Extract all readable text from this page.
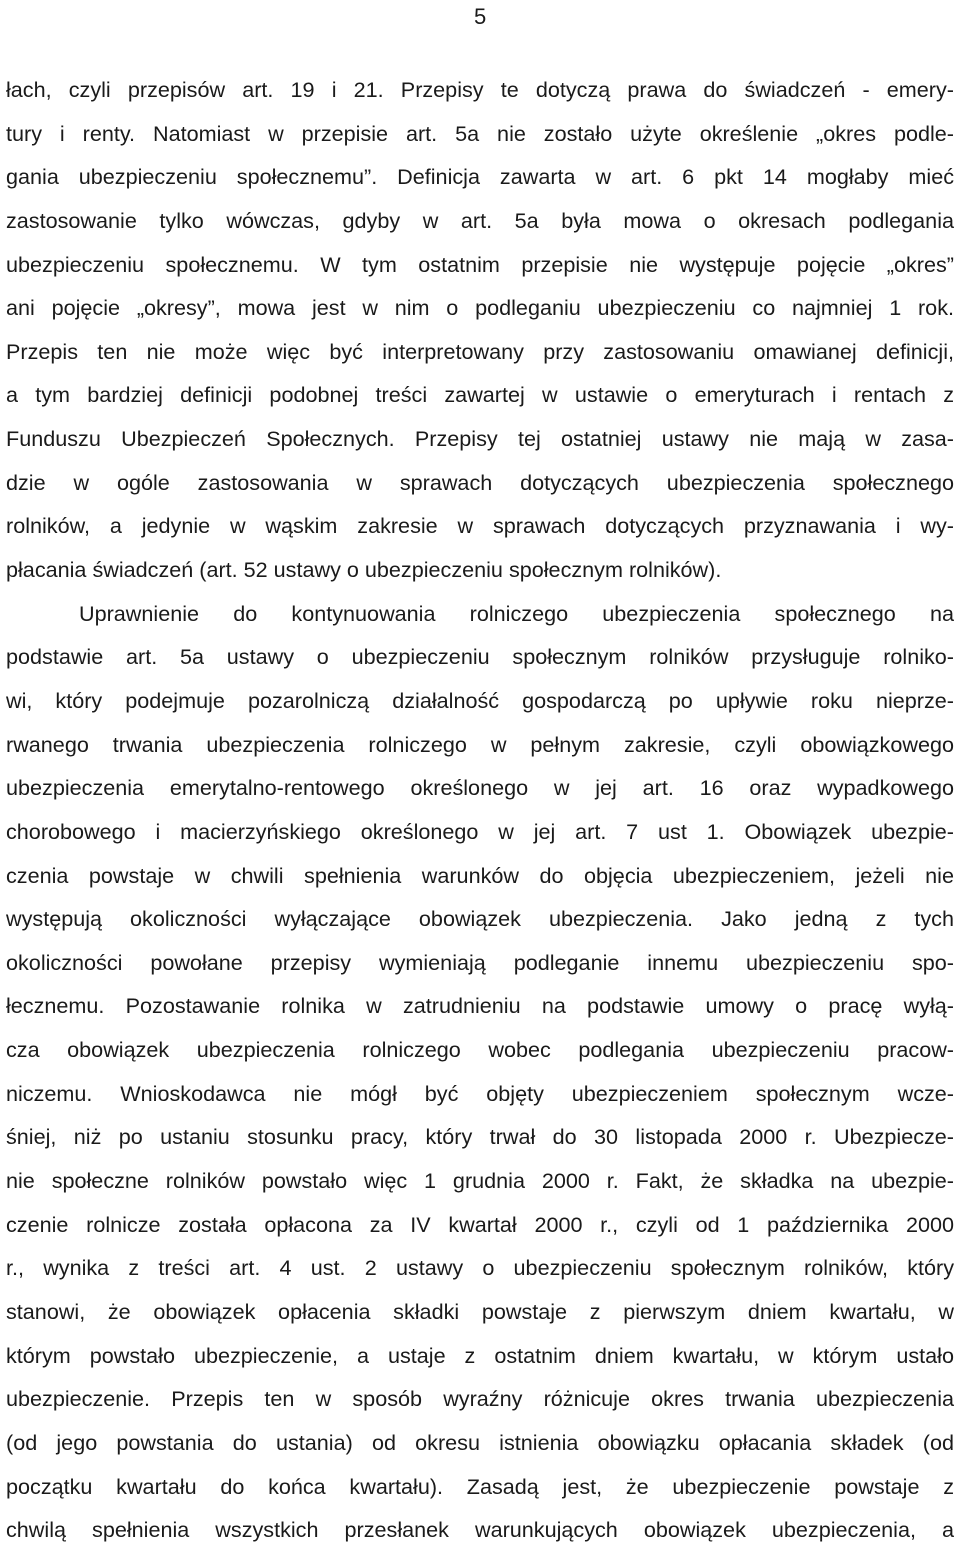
5
łach, czyli przepisów art. 19 i 21. Przepisy te dotyczą prawa do świadczeń - emery-
tury i renty. Natomiast w przepisie art. 5a nie zostało użyte określenie „okres podle-
gania ubezpieczeniu społecznemu”. Definicja zawarta w art. 6 pkt 14 mogłaby mieć
zastosowanie tylko wówczas, gdyby w art. 5a była mowa o okresach podlegania
ubezpieczeniu społecznemu. W tym ostatnim przepisie nie występuje pojęcie „okres”
ani pojęcie „okresy”, mowa jest w nim o podleganiu ubezpieczeniu co najmniej 1 rok.
Przepis ten nie może więc być interpretowany przy zastosowaniu omawianej definicji,
a tym bardziej definicji podobnej treści zawartej w ustawie o emeryturach i rentach z
Funduszu Ubezpieczeń Społecznych. Przepisy tej ostatniej ustawy nie mają w zasa-
dzie w ogóle zastosowania w sprawach dotyczących ubezpieczenia społecznego
rolników, a jedynie w wąskim zakresie w sprawach dotyczących przyznawania i wy-
płacania świadczeń (art. 52 ustawy o ubezpieczeniu społecznym rolników).
Uprawnienie do kontynuowania rolniczego ubezpieczenia społecznego na
podstawie art. 5a ustawy o ubezpieczeniu społecznym rolników przysługuje rolniko-
wi, który podejmuje pozarolniczą działalność gospodarczą po upływie roku nieprze-
rwanego trwania ubezpieczenia rolniczego w pełnym zakresie, czyli obowiązkowego
ubezpieczenia emerytalno-rentowego określonego w jej art. 16 oraz wypadkowego
chorobowego i macierzyńskiego określonego w jej art. 7 ust 1. Obowiązek ubezpie-
czenia powstaje w chwili spełnienia warunków do objęcia ubezpieczeniem, jeżeli nie
występują okoliczności wyłączające obowiązek ubezpieczenia. Jako jedną z tych
okoliczności powołane przepisy wymieniają podleganie innemu ubezpieczeniu spo-
łecznemu. Pozostawanie rolnika w zatrudnieniu na podstawie umowy o pracę wyłą-
cza obowiązek ubezpieczenia rolniczego wobec podlegania ubezpieczeniu pracow-
niczemu. Wnioskodawca nie mógł być objęty ubezpieczeniem społecznym wcze-
śniej, niż po ustaniu stosunku pracy, który trwał do 30 listopada 2000 r. Ubezpiecze-
nie społeczne rolników powstało więc 1 grudnia 2000 r. Fakt, że składka na ubezpie-
czenie rolnicze została opłacona za IV kwartał 2000 r., czyli od 1 października 2000
r., wynika z treści art. 4 ust. 2 ustawy o ubezpieczeniu społecznym rolników, który
stanowi, że obowiązek opłacenia składki powstaje z pierwszym dniem kwartału, w
którym powstało ubezpieczenie, a ustaje z ostatnim dniem kwartału, w którym ustało
ubezpieczenie. Przepis ten w sposób wyraźny różnicuje okres trwania ubezpieczenia
(od jego powstania do ustania) od okresu istnienia obowiązku opłacania składek (od
początku kwartału do końca kwartału). Zasadą jest, że ubezpieczenie powstaje z
chwilą spełnienia wszystkich przesłanek warunkujących obowiązek ubezpieczenia, a
